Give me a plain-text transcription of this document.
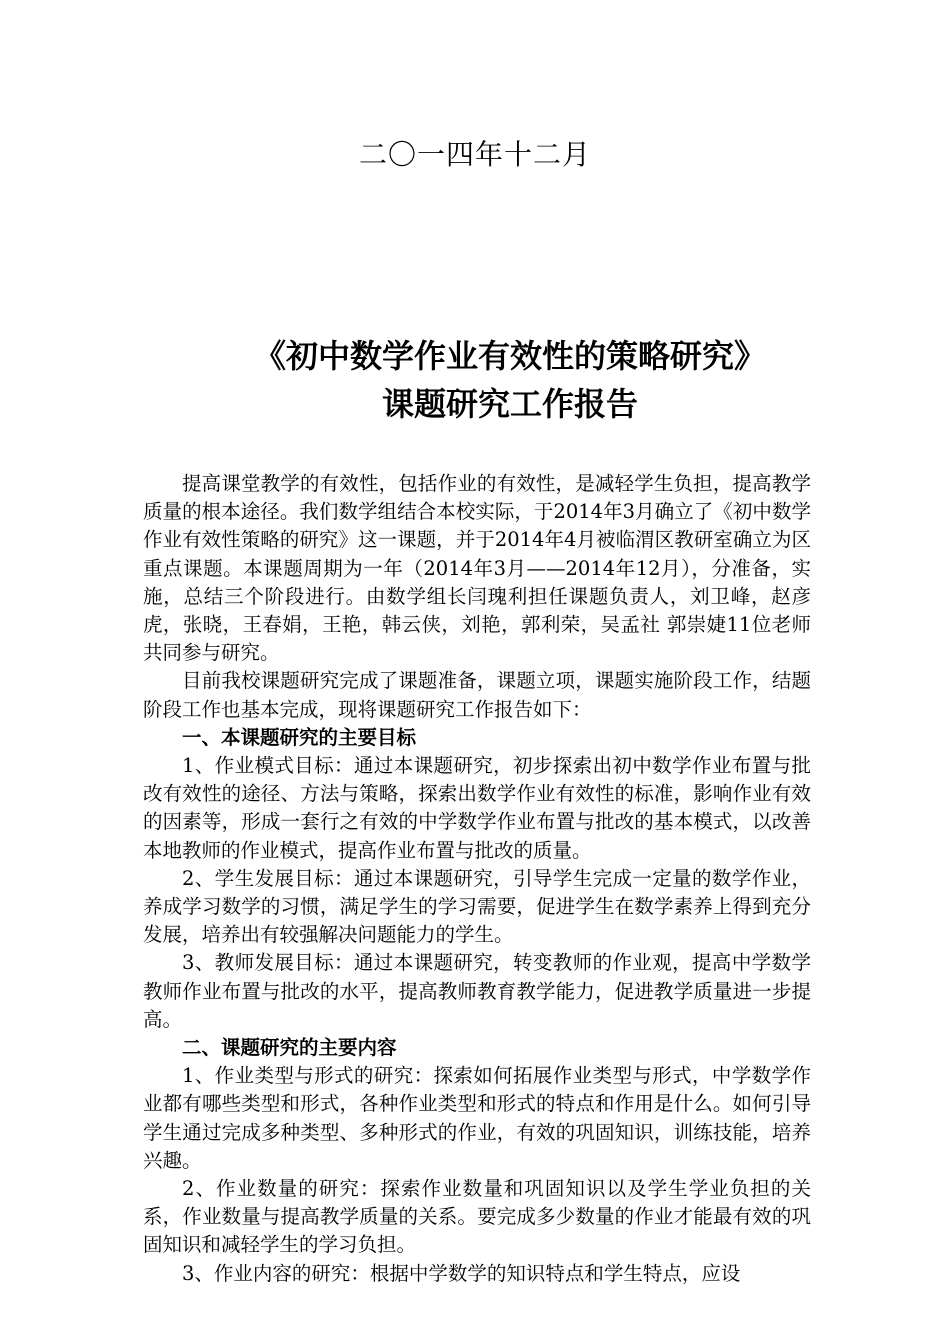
二〇一四年十二月
《初中数学作业有效性的策略研究》
课题研究工作报告

提高课堂教学的有效性，包括作业的有效性，是减轻学生负担，提高教学质量的根本途径。我们数学组结合本校实际，于2014年3月确立了《初中数学作业有效性策略的研究》这一课题，并于2014年4月被临渭区教研室确立为区重点课题。本课题周期为一年（2014年3月——2014年12月），分准备，实施，总结三个阶段进行。由数学组长闫瑰利担任课题负责人，刘卫峰，赵彦虎，张晓，王春娟，王艳，韩云侠，刘艳，郭利荣，吴孟社 郭崇婕11位老师共同参与研究。

目前我校课题研究完成了课题准备，课题立项，课题实施阶段工作，结题阶段工作也基本完成，现将课题研究工作报告如下：

一、本课题研究的主要目标

1、作业模式目标：通过本课题研究，初步探索出初中数学作业布置与批改有效性的途径、方法与策略，探索出数学作业有效性的标准，影响作业有效的因素等，形成一套行之有效的中学数学作业布置与批改的基本模式，以改善本地教师的作业模式，提高作业布置与批改的质量。

2、学生发展目标：通过本课题研究，引导学生完成一定量的数学作业，养成学习数学的习惯，满足学生的学习需要，促进学生在数学素养上得到充分发展，培养出有较强解决问题能力的学生。

3、教师发展目标：通过本课题研究，转变教师的作业观，提高中学数学教师作业布置与批改的水平，提高教师教育教学能力，促进教学质量进一步提高。

二、课题研究的主要内容

1、作业类型与形式的研究：探索如何拓展作业类型与形式，中学数学作业都有哪些类型和形式，各种作业类型和形式的特点和作用是什么。如何引导学生通过完成多种类型、多种形式的作业，有效的巩固知识，训练技能，培养兴趣。

2、作业数量的研究：探索作业数量和巩固知识以及学生学业负担的关系，作业数量与提高教学质量的关系。要完成多少数量的作业才能最有效的巩固知识和减轻学生的学习负担。

3、作业内容的研究：根据中学数学的知识特点和学生特点，应设
